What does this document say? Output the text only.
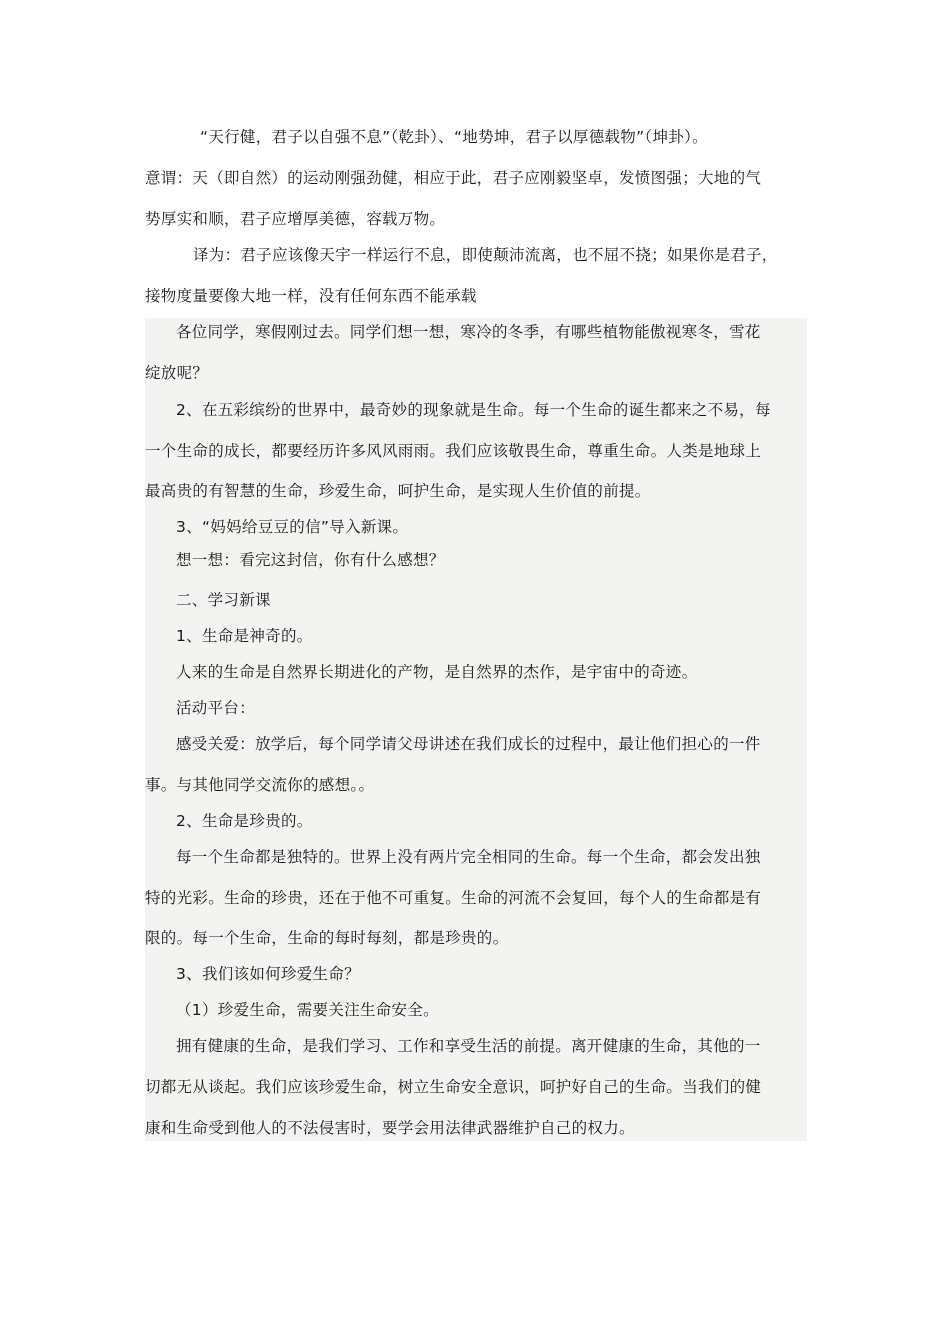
“天行健，君子以自强不息”（乾卦）、“地势坤，君子以厚德载物”（坤卦）。
意谓：天（即自然）的运动刚强劲健，相应于此，君子应刚毅坚卓，发愤图强；大地的气
势厚实和顺，君子应增厚美德，容载万物。
译为：君子应该像天宇一样运行不息，即使颠沛流离，也不屈不挠；如果你是君子，
接物度量要像大地一样，没有任何东西不能承载
各位同学，寒假刚过去。同学们想一想，寒冷的冬季，有哪些植物能傲视寒冬，雪花
绽放呢？
2、在五彩缤纷的世界中，最奇妙的现象就是生命。每一个生命的诞生都来之不易，每
一个生命的成长，都要经历许多风风雨雨。我们应该敬畏生命，尊重生命。人类是地球上
最高贵的有智慧的生命，珍爱生命，呵护生命，是实现人生价值的前提。
3、“妈妈给豆豆的信”导入新课。
想一想：看完这封信，你有什么感想？
二、学习新课
1、生命是神奇的。
人来的生命是自然界长期进化的产物，是自然界的杰作，是宇宙中的奇迹。
活动平台：
感受关爱：放学后，每个同学请父母讲述在我们成长的过程中，最让他们担心的一件
事。与其他同学交流你的感想。。
2、生命是珍贵的。
每一个生命都是独特的。世界上没有两片完全相同的生命。每一个生命，都会发出独
特的光彩。生命的珍贵，还在于他不可重复。生命的河流不会复回，每个人的生命都是有
限的。每一个生命，生命的每时每刻，都是珍贵的。
3、我们该如何珍爱生命？
（1）珍爱生命，需要关注生命安全。
拥有健康的生命，是我们学习、工作和享受生活的前提。离开健康的生命，其他的一
切都无从谈起。我们应该珍爱生命，树立生命安全意识，呵护好自己的生命。当我们的健
康和生命受到他人的不法侵害时，要学会用法律武器维护自己的权力。
